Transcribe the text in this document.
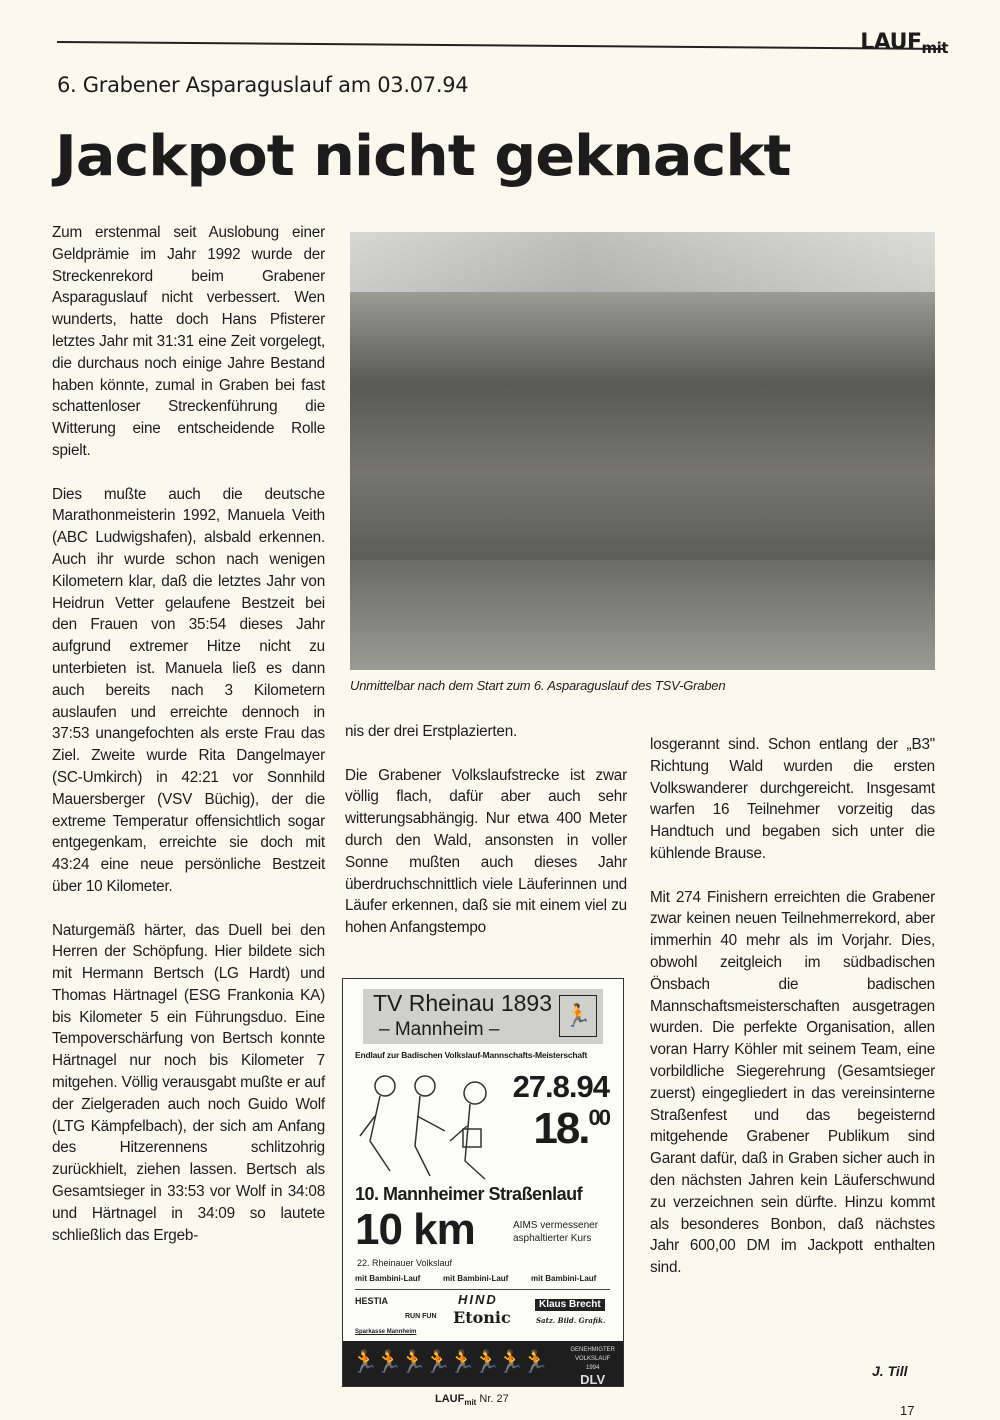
$LAUF_{mit}$
6. Grabener Asparaguslauf am 03.07.94
Jackpot nicht geknackt

Zum erstenmal seit Auslobung einer Geldprämie im Jahr 1992 wurde der Streckenrekord beim Grabener Asparaguslauf nicht verbessert. Wen wunderts, hatte doch Hans Pfisterer letztes Jahr mit 31:31 eine Zeit vorgelegt, die durchaus noch einige Jahre Bestand haben könnte, zumal in Graben bei fast schattenloser Streckenführung die Witterung eine entscheidende Rolle spielt.

Dies mußte auch die deutsche Marathonmeisterin 1992, Manuela Veith (ABC Ludwigshafen), alsbald erkennen. Auch ihr wurde schon nach wenigen Kilometern klar, daß die letztes Jahr von Heidrun Vetter gelaufene Bestzeit bei den Frauen von 35:54 dieses Jahr aufgrund extremer Hitze nicht zu unterbieten ist. Manuela ließ es dann auch bereits nach 3 Kilometern auslaufen und erreichte dennoch in 37:53 unangefochten als erste Frau das Ziel. Zweite wurde Rita Dangelmayer (SC-Umkirch) in 42:21 vor Sonnhild Mauersberger (VSV Büchig), der die extreme Temperatur offensichtlich sogar entgegenkam, erreichte sie doch mit 43:24 eine neue persönliche Bestzeit über 10 Kilometer.

Naturgemäß härter, das Duell bei den Herren der Schöpfung. Hier bildete sich mit Hermann Bertsch (LG Hardt) und Thomas Härtnagel (ESG Frankonia KA) bis Kilometer 5 ein Führungsduo. Eine Tempoverschärfung von Bertsch konnte Härtnagel nur noch bis Kilometer 7 mitgehen. Völlig verausgabt mußte er auf der Zielgeraden auch noch Guido Wolf (LTG Kämpfelbach), der sich am Anfang des Hitzerennens schlitzohrig zurückhielt, ziehen lassen. Bertsch als Gesamtsieger in 33:53 vor Wolf in 34:08 und Härtnagel in 34:09 so lautete schließlich das Ergeb-

Unmittelbar nach dem Start zum 6. Asparaguslauf des TSV-Graben

nis der drei Erstplazierten.

Die Grabener Volkslaufstrecke ist zwar völlig flach, dafür aber auch sehr witterungsabhängig. Nur etwa 400 Meter durch den Wald, ansonsten in voller Sonne mußten auch dieses Jahr überdruchschnittlich viele Läuferinnen und Läufer erkennen, daß sie mit einem viel zu hohen Anfangstempo

losgerannt sind. Schon entlang der „B3" Richtung Wald wurden die ersten Volkswanderer durchgereicht. Insgesamt warfen 16 Teilnehmer vorzeitig das Handtuch und begaben sich unter die kühlende Brause.

Mit 274 Finishern erreichten die Grabener zwar keinen neuen Teilnehmerrekord, aber immerhin 40 mehr als im Vorjahr. Dies, obwohl zeitgleich im südbadischen Önsbach die badischen Mannschaftsmeisterschaften ausgetragen wurden. Die perfekte Organisation, allen voran Harry Köhler mit seinem Team, eine vorbildliche Siegerehrung (Gesamtsieger zuerst) eingegliedert in das vereinsinterne Straßenfest und das begeisternd mitgehende Grabener Publikum sind Garant dafür, daß in Graben sicher auch in den nächsten Jahren kein Läuferschwund zu verzeichnen sein dürfte. Hinzu kommt als besonderes Bonbon, daß nächstes Jahr 600,00 DM im Jackpott enthalten sind.

TV Rheinau 1893
– Mannheim –
🏃
Endlauf zur Badischen Volkslauf-Mannschafts-Meisterschaft
27.8.94
18.00
10. Mannheimer Straßenlauf
10 km	AIMS vermessener
asphaltierter Kurs
22. Rheinauer Volkslauf
mit Bambini-Lauf	mit Bambini-Lauf	mit Bambini-Lauf
HESTIA
RUN FUN
HIND
Etonic
Klaus Brecht
Satz. Bild. Grafik.
Sparkasse Mannheim
🏃🏃🏃🏃🏃🏃🏃🏃	GENEHMIGTER
VOLKSLAUF
1994
DLV
J. Till
$LAUF_{mit}$ Nr. 27
17
